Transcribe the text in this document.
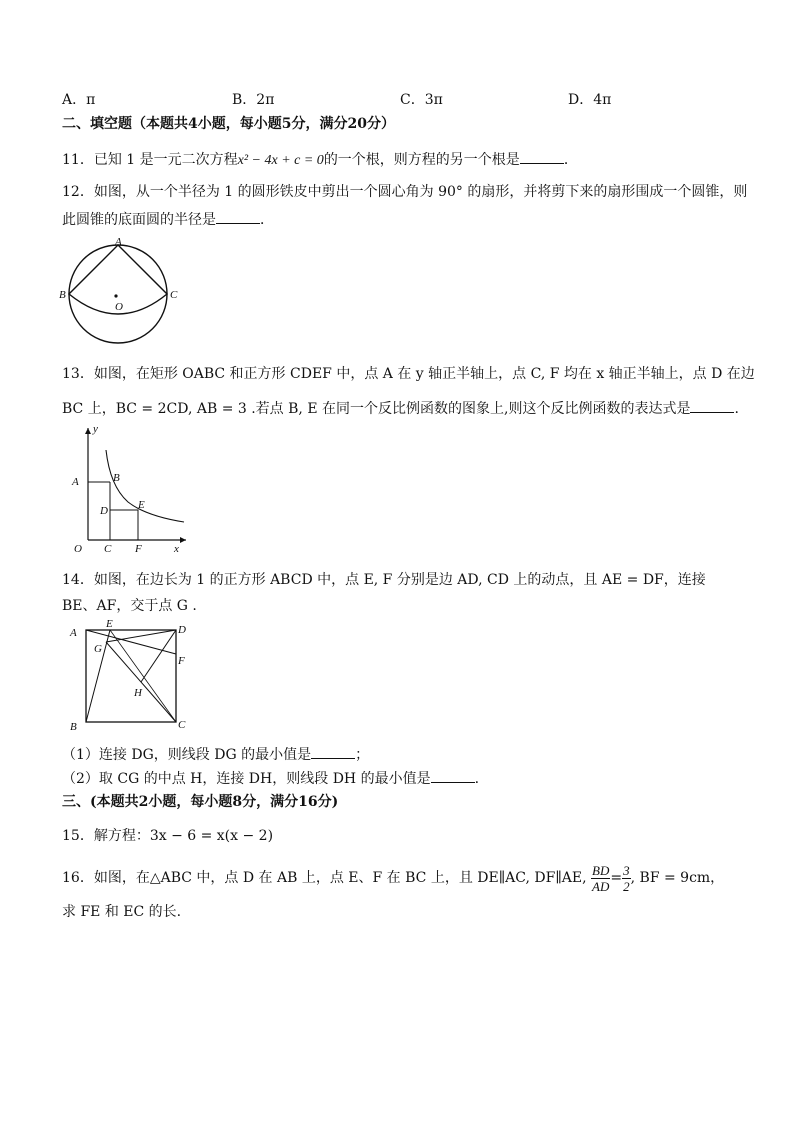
A．π	B．2π	C．3π	D．4π
二、填空题（本题共4小题，每小题5分，满分20分）
11．已知 1 是一元二次方程x² − 4x + c = 0的一个根，则方程的另一个根是	．
12．如图，从一个半径为 1 的圆形铁皮中剪出一个圆心角为 90° 的扇形，并将剪下来的扇形围成一个圆锥，则
此圆锥的底面圆的半径是	．
A
B	C
O
13．如图，在矩形 OABC 和正方形 CDEF 中，点 A 在 y 轴正半轴上，点 C, F 均在 x 轴正半轴上，点 D 在边
BC 上，BC = 2CD, AB = 3 .若点 B, E 在同一个反比例函数的图象上,则这个反比例函数的表达式是	.
y
A	B
D	E
O C F	x
14．如图，在边长为 1 的正方形 ABCD 中，点 E, F 分别是边 AD, CD 上的动点，且 AE = DF，连接
BE、AF，交于点 G .
A
E	D
G
F
H
B	C
（1）连接 DG，则线段 DG 的最小值是	；
（2）取 CG 的中点 H，连接 DH，则线段 DH 的最小值是	.
三、(本题共2小题，每小题8分，满分16分)
15．解方程：3x − 6 = x(x − 2)
16．如图，在△ABC 中，点 D 在 AB 上，点 E、F 在 BC 上，且 DE∥AC, DF∥AE, $\frac{BD}{AD} = \frac{3}{2}$ , BF = 9cm，
求 FE 和 EC 的长.
